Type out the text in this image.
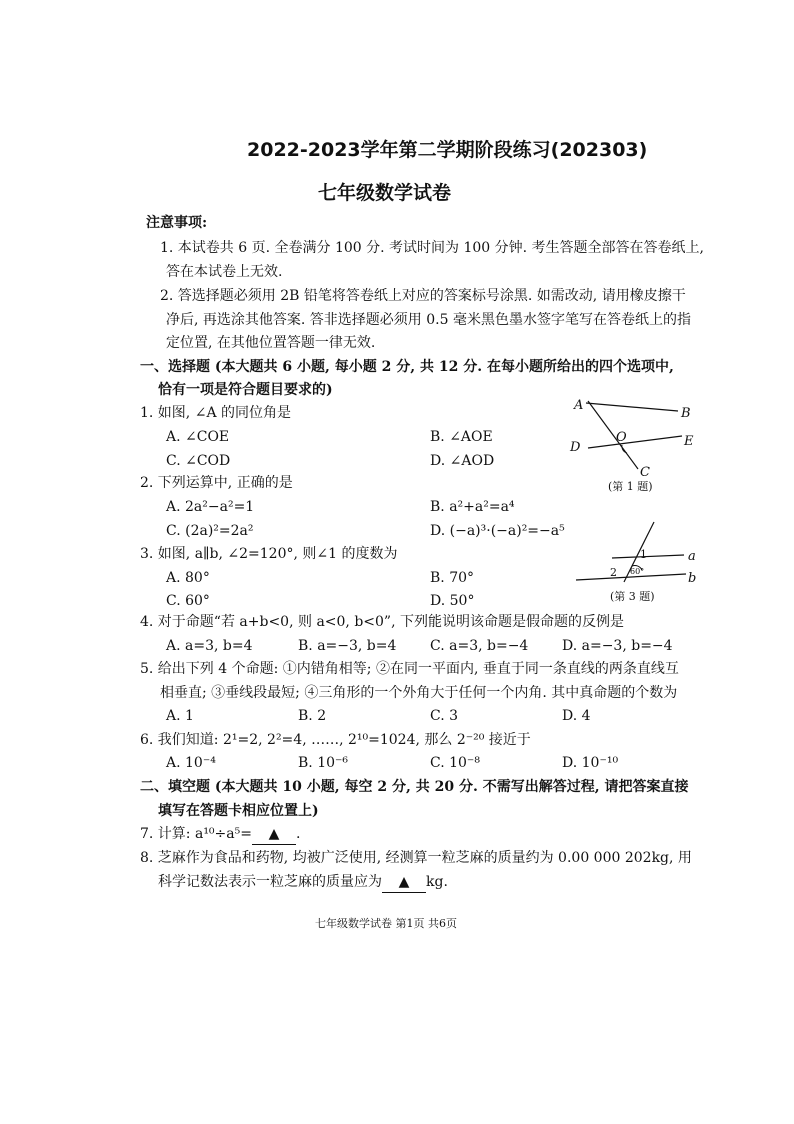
2022-2023学年第二学期阶段练习(202303)
七年级数学试卷
注意事项:
1. 本试卷共 6 页. 全卷满分 100 分. 考试时间为 100 分钟. 考生答题全部答在答卷纸上,
答在本试卷上无效.
2. 答选择题必须用 2B 铅笔将答卷纸上对应的答案标号涂黑. 如需改动, 请用橡皮擦干
净后, 再选涂其他答案. 答非选择题必须用 0.5 毫米黑色墨水签字笔写在答卷纸上的指
定位置, 在其他位置答题一律无效.
一、选择题 (本大题共 6 小题, 每小题 2 分, 共 12 分. 在每小题所给出的四个选项中,
恰有一项是符合题目要求的)
1. 如图, ∠A 的同位角是
A. ∠COE	B. ∠AOE
C. ∠COD	D. ∠AOD
A
B
O
D	E
C
(第 1 题)
2. 下列运算中, 正确的是
A. 2a²−a²=1	B. a²+a²=a⁴
C. (2a)²=2a²	D. (−a)³·(−a)²=−a⁵
3. 如图, a∥b, ∠2=120°, 则∠1 的度数为
A. 80°	B. 70°
C. 60°	D. 50°
1
2 60°
a
b
(第 3 题)
4. 对于命题“若 a+b<0, 则 a<0, b<0”, 下列能说明该命题是假命题的反例是
A. a=3, b=4	B. a=−3, b=4 C. a=3, b=−4 D. a=−3, b=−4
5. 给出下列 4 个命题: ①内错角相等; ②在同一平面内, 垂直于同一条直线的两条直线互
相垂直; ③垂线段最短; ④三角形的一个外角大于任何一个内角. 其中真命题的个数为
A. 1	B. 2	C. 3	D. 4
6. 我们知道: 2¹=2, 2²=4, ……, 2¹⁰=1024, 那么 2⁻²⁰ 接近于
A. 10⁻⁴	B. 10⁻⁶	C. 10⁻⁸	D. 10⁻¹⁰
二、填空题 (本大题共 10 小题, 每空 2 分, 共 20 分. 不需写出解答过程, 请把答案直接
填写在答题卡相应位置上)
7. 计算: a¹⁰÷a⁵= ▲ .
8. 芝麻作为食品和药物, 均被广泛使用, 经测算一粒芝麻的质量约为 0.00 000 202kg, 用
科学记数法表示一粒芝麻的质量应为 ▲ kg.
七年级数学试卷 第1页 共6页
